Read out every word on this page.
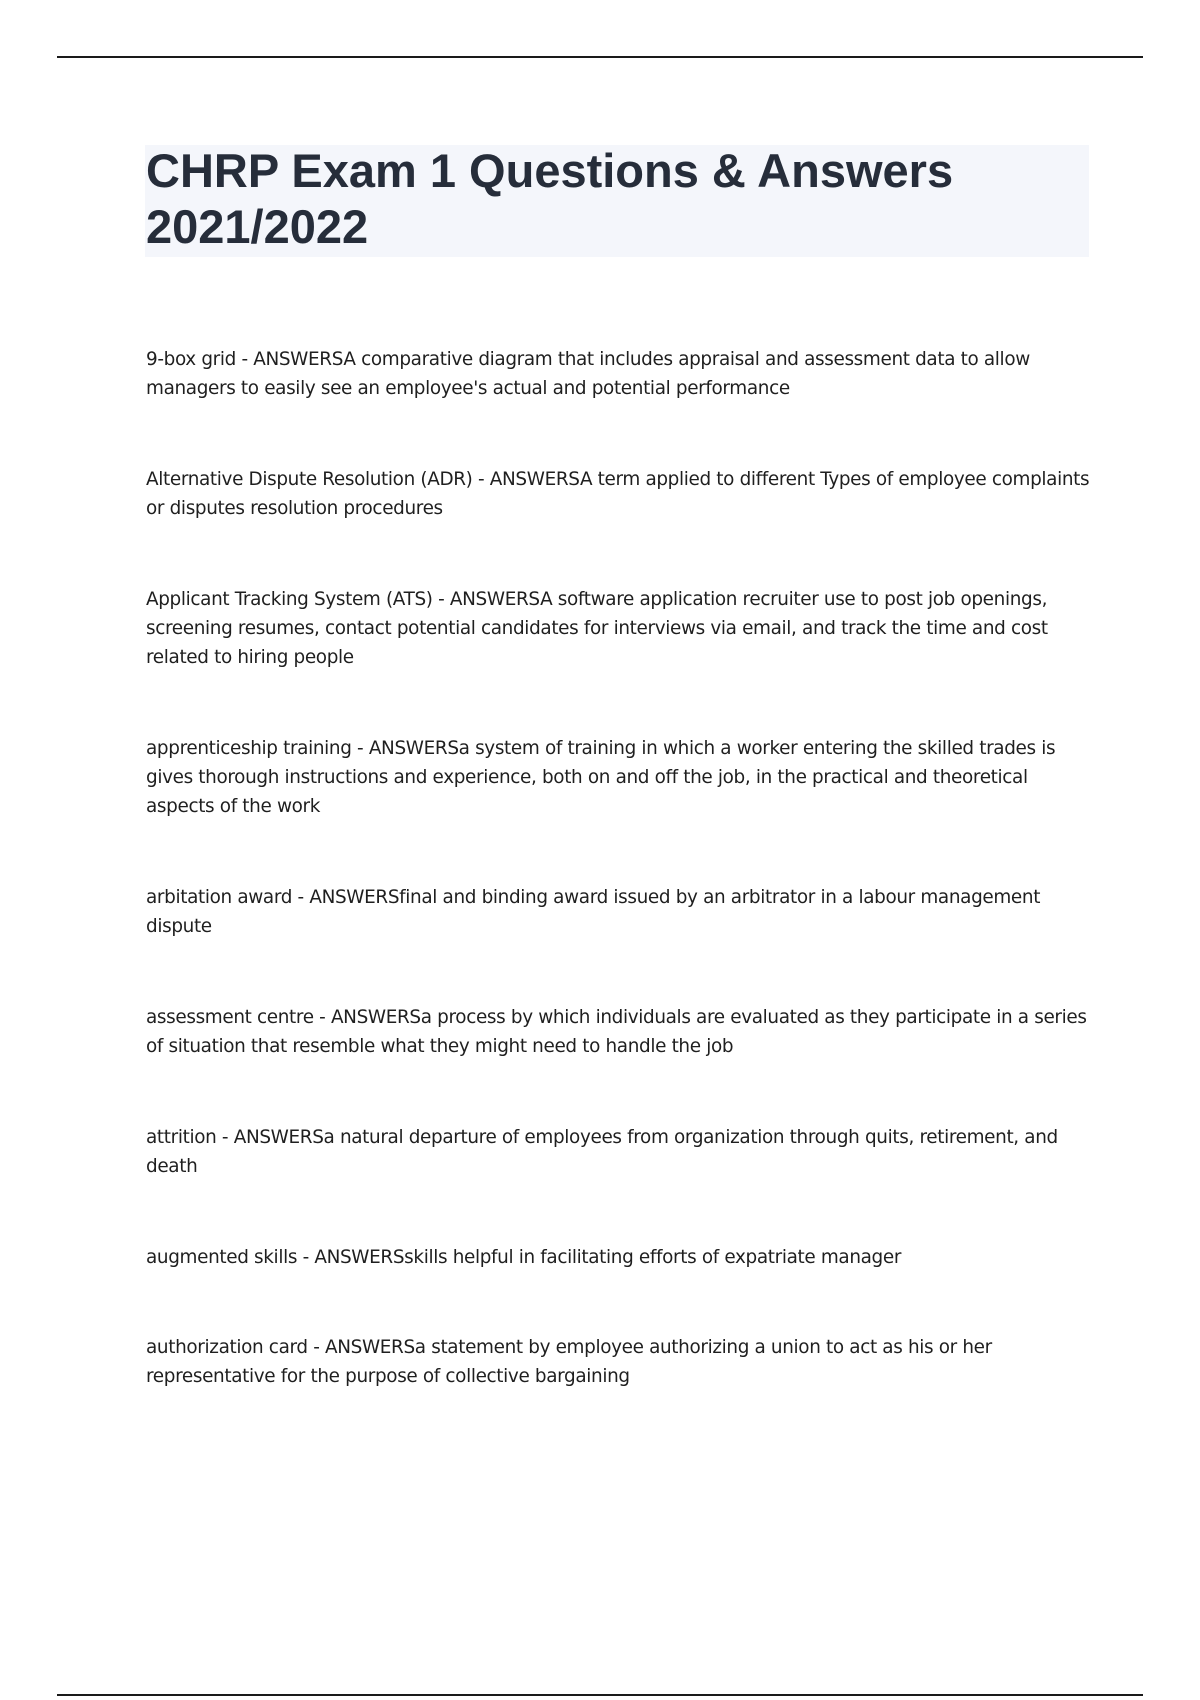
CHRP Exam 1 Questions & Answers 2021/2022
9-box grid - ANSWERSA comparative diagram that includes appraisal and assessment data to allow managers to easily see an employee's actual and potential performance
Alternative Dispute Resolution (ADR) - ANSWERSA term applied to different Types of employee complaints or disputes resolution procedures
Applicant Tracking System (ATS) - ANSWERSA software application recruiter use to post job openings, screening resumes, contact potential candidates for interviews via email, and track the time and cost related to hiring people
apprenticeship training - ANSWERSa system of training in which a worker entering the skilled trades is gives thorough instructions and experience, both on and off the job, in the practical and theoretical aspects of the work
arbitation award - ANSWERSfinal and binding award issued by an arbitrator in a labour management dispute
assessment centre - ANSWERSa process by which individuals are evaluated as they participate in a series of situation that resemble what they might need to handle the job
attrition - ANSWERSa natural departure of employees from organization through quits, retirement, and death
augmented skills - ANSWERSskills helpful in facilitating efforts of expatriate manager
authorization card - ANSWERSa statement by employee authorizing a union to act as his or her representative for the purpose of collective bargaining
